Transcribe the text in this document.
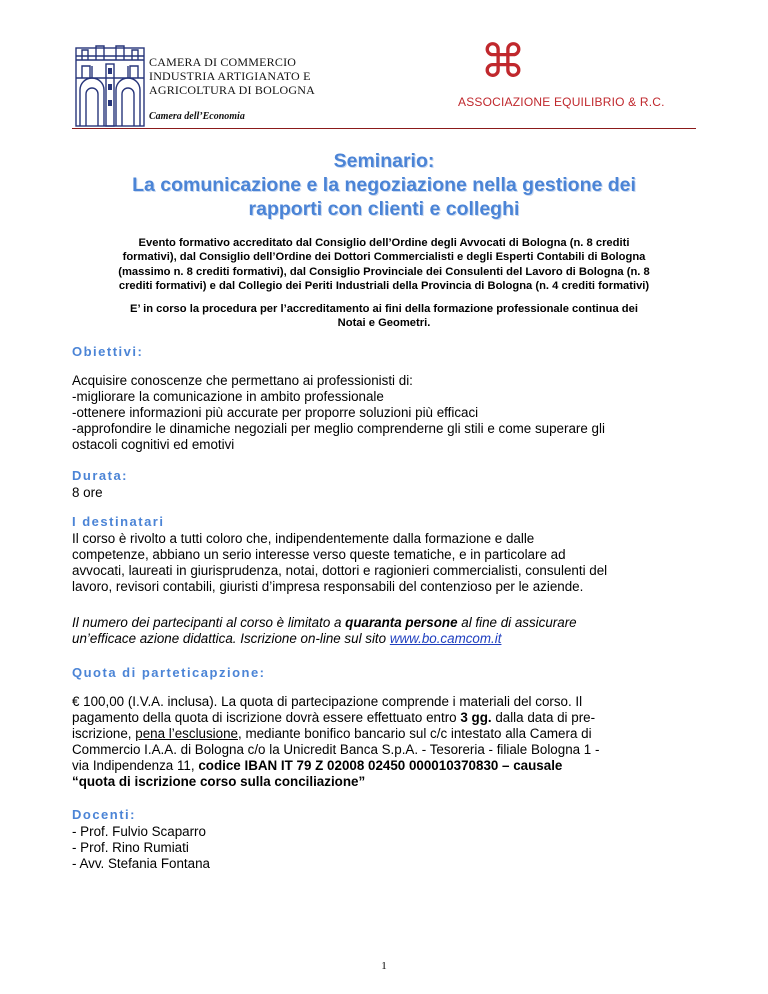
CAMERA DI COMMERCIO
INDUSTRIA ARTIGIANATO E
AGRICOLTURA DI BOLOGNA
Camera dell’Economia
⌘
ASSOCIAZIONE EQUILIBRIO & R.C.
Seminario:
La comunicazione e la negoziazione nella gestione dei
rapporti con clienti e colleghi
Evento formativo accreditato dal Consiglio dell’Ordine degli Avvocati di Bologna (n. 8 crediti
formativi), dal Consiglio dell’Ordine dei Dottori Commercialisti e degli Esperti Contabili di Bologna
(massimo n. 8 crediti formativi), dal Consiglio Provinciale dei Consulenti del Lavoro di Bologna (n. 8
crediti formativi) e dal Collegio dei Periti Industriali della Provincia di Bologna (n. 4 crediti formativi)
E’ in corso la procedura per l’accreditamento ai fini della formazione professionale continua dei
Notai e Geometri.
Obiettivi:
Acquisire conoscenze che permettano ai professionisti di:
-migliorare la comunicazione in ambito professionale
-ottenere informazioni più accurate per proporre soluzioni più efficaci
-approfondire le dinamiche negoziali per meglio comprenderne gli stili e come superare gli
ostacoli cognitivi ed emotivi
Durata:
8 ore
I destinatari
Il corso è rivolto a tutti coloro che, indipendentemente dalla formazione e dalle
competenze, abbiano un serio interesse verso queste tematiche, e in particolare ad
avvocati, laureati in giurisprudenza, notai, dottori e ragionieri commercialisti, consulenti del
lavoro, revisori contabili, giuristi d’impresa responsabili del contenzioso per le aziende.
Il numero dei partecipanti al corso è limitato a quaranta persone al fine di assicurare
un’efficace azione didattica. Iscrizione on-line sul sito www.bo.camcom.it
Quota di parteticapzione:
€ 100,00 (I.V.A. inclusa). La quota di partecipazione comprende i materiali del corso. Il
pagamento della quota di iscrizione dovrà essere effettuato entro 3 gg. dalla data di pre-
iscrizione, pena l’esclusione, mediante bonifico bancario sul c/c intestato alla Camera di
Commercio I.A.A. di Bologna c/o la Unicredit Banca S.p.A. - Tesoreria - filiale Bologna 1 -
via Indipendenza 11, codice IBAN IT 79 Z 02008 02450 000010370830 – causale
“quota di iscrizione corso sulla conciliazione”
Docenti:
- Prof. Fulvio Scaparro
- Prof. Rino Rumiati
- Avv. Stefania Fontana
1
